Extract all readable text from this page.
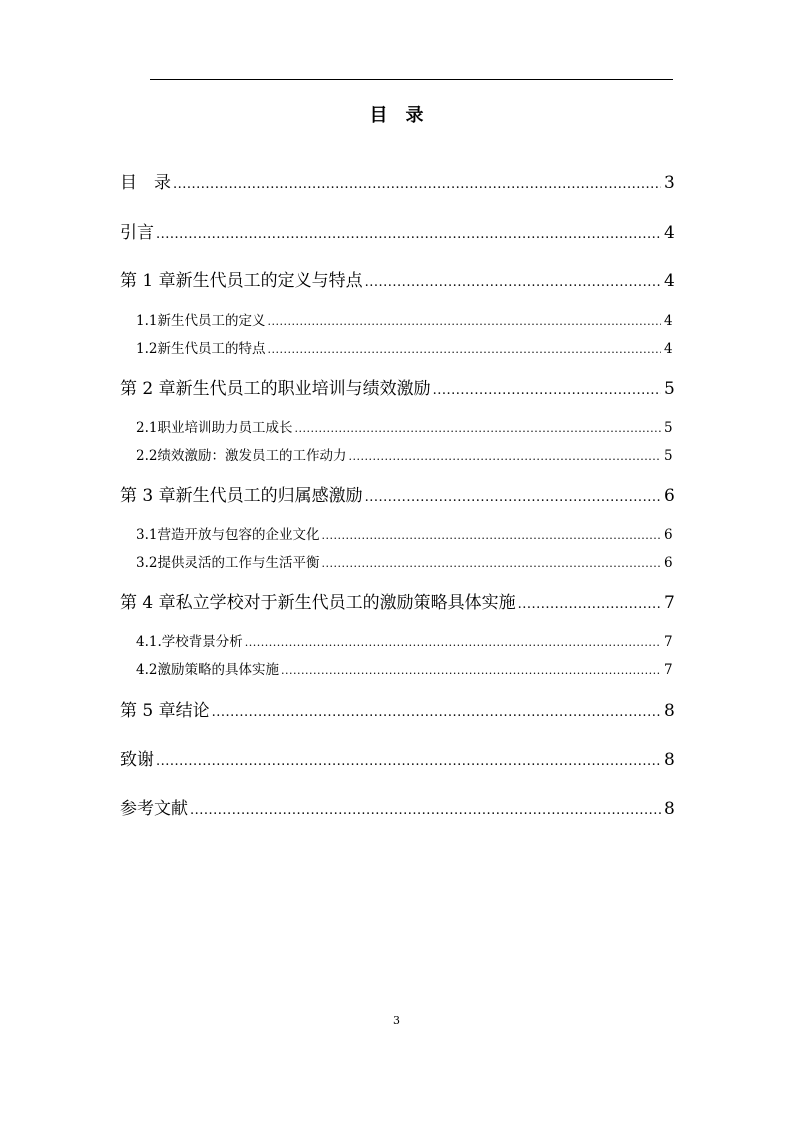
目　录
目　录 .....	3
引言 .....	4
第 1 章 新生代员工的定义与特点 .....	4
1.1 新生代员工的定义 .....	4
1.2 新生代员工的特点 .....	4
第 2 章 新生代员工的职业培训与绩效激励 .....	5
2.1 职业培训助力员工成长 .....	5
2.2 绩效激励：激发员工的工作动力 .....	5
第 3 章 新生代员工的归属感激励 .....	6
3.1 营造开放与包容的企业文化 .....	6
3.2 提供灵活的工作与生活平衡 .....	6
第 4 章 私立学校对于新生代员工的激励策略具体实施 .....	7
4.1. 学校背景分析 .....	7
4.2 激励策略的具体实施 .....	7
第 5 章 结论 .....	8
致谢 .....	8
参考文献 .....	8
3
